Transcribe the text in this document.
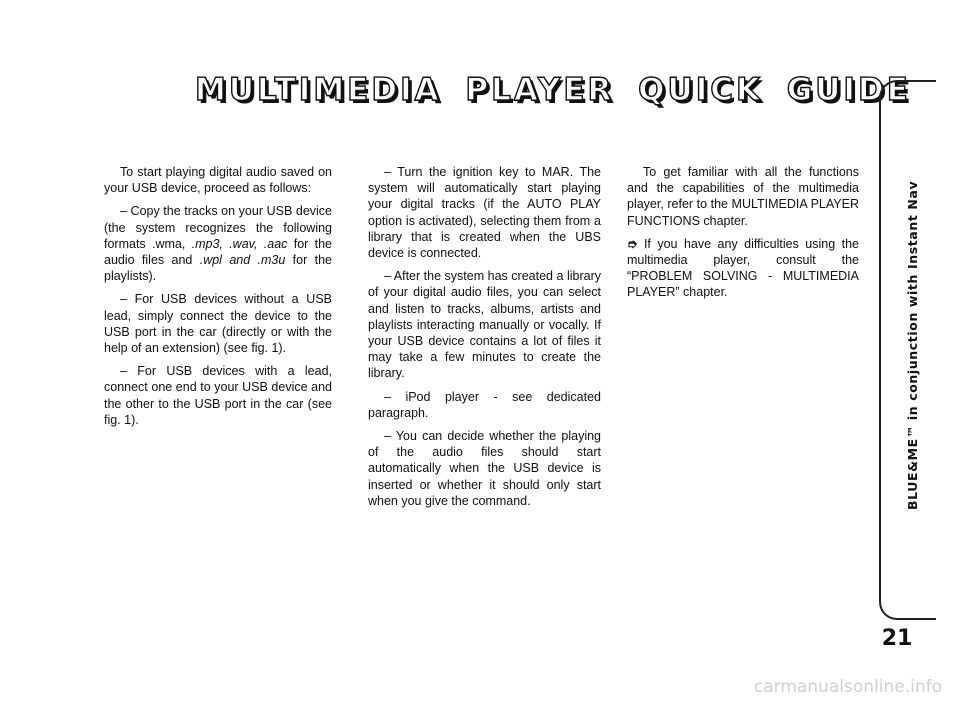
MULTIMEDIA PLAYER QUICK GUIDE

To start playing digital audio saved on your USB device, proceed as follows:

– Copy the tracks on your USB device (the system recognizes the following formats .wma, .mp3, .wav, .aac for the audio files and .wpl and .m3u for the playlists).

– For USB devices without a USB lead, simply connect the device to the USB port in the car (directly or with the help of an extension) (see fig. 1).

– For USB devices with a lead, connect one end to your USB device and the other to the USB port in the car (see fig. 1).

– Turn the ignition key to MAR. The system will automatically start playing your digital tracks (if the AUTO PLAY option is activated), selecting them from a library that is created when the UBS device is connected.

– After the system has created a library of your digital audio files, you can select and listen to tracks, albums, artists and playlists interacting manually or vocally. If your USB device contains a lot of files it may take a few minutes to create the library.

– iPod player - see dedicated paragraph.

– You can decide whether the playing of the audio files should start automatically when the USB device is inserted or whether it should only start when you give the command.

To get familiar with all the functions and the capabilities of the multimedia player, refer to the MULTIMEDIA PLAYER FUNCTIONS chapter.

➮ If you have any difficulties using the multimedia player, consult the “PROBLEM SOLVING - MULTIMEDIA PLAYER” chapter.	BLUE&ME™ in conjunction with Instant Nav
21
carmanualsonline.info
